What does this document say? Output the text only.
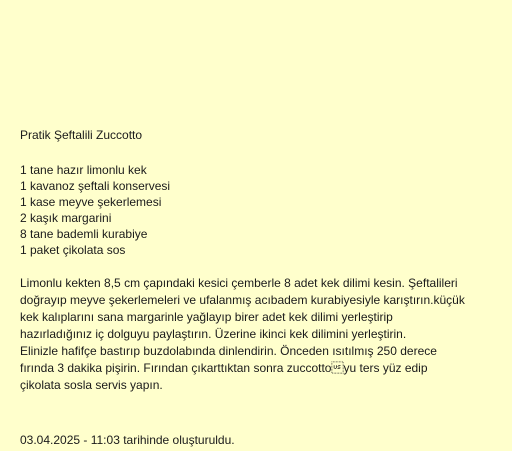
Pratik Şeftalili Zuccotto
1 tane hazır limonlu kek
1 kavanoz şeftali konservesi
1 kase meyve şekerlemesi
2 kaşık margarini
8 tane bademli kurabiye
1 paket çikolata sos

Limonlu kekten 8,5 cm çapındaki kesici çemberle 8 adet kek dilimi kesin. Şeftalileri
doğrayıp meyve şekerlemeleri ve ufalanmış acıbadem kurabiyesiyle karıştırın.küçük
kek kalıplarını sana margarinle yağlayıp birer adet kek dilimi yerleştirip
hazırladığınız iç dolguyu paylaştırın. Üzerine ikinci kek dilimini yerleştirin.
Elinizle hafifçe bastırıp buzdolabında dinlendirin. Önceden ısıtılmış 250 derece
fırında 3 dakika pişirin. Fırından çıkarttıktan sonra zuccottoyu ters yüz edip
çikolata sosla servis yapın.

03.04.2025 - 11:03 tarihinde oluşturuldu.
